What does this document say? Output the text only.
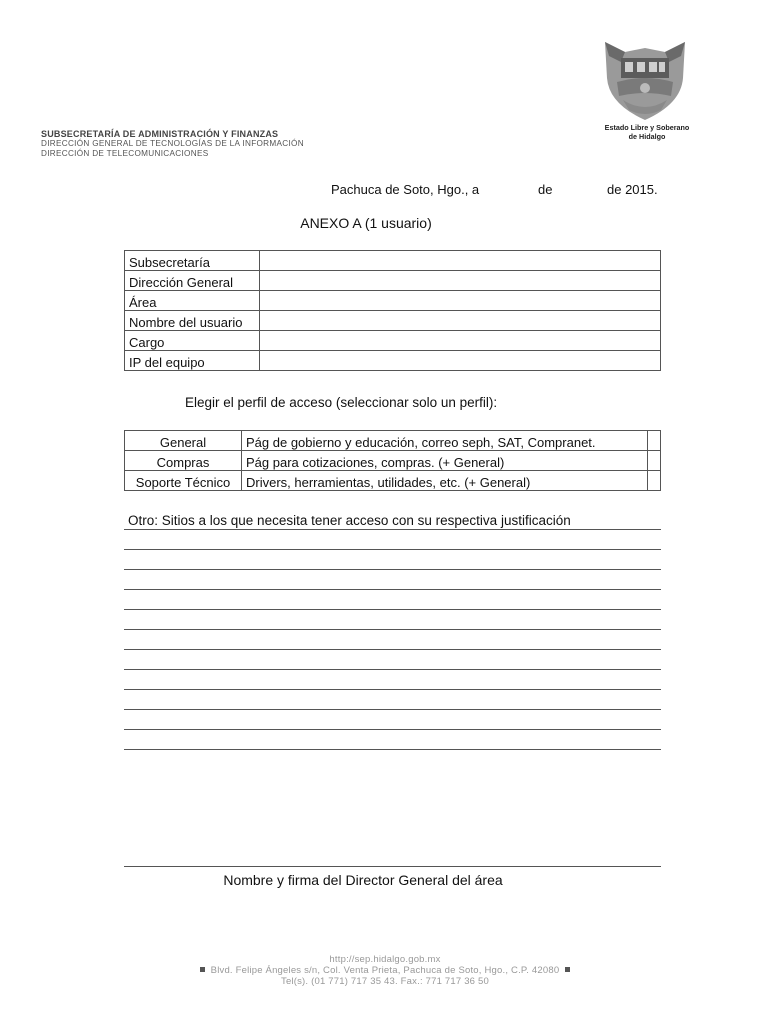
SUBSECRETARÍA DE ADMINISTRACIÓN Y FINANZAS
DIRECCIÓN GENERAL DE TECNOLOGÍAS DE LA INFORMACIÓN
DIRECCIÓN DE TELECOMUNICACIONES
Estado Libre y Soberano
de Hidalgo
Pachuca de Soto, Hgo., a	de	de 2015.
ANEXO A (1 usuario)
Subsecretaría	
Dirección General	
Área	
Nombre del usuario	
Cargo	
IP del equipo	
Elegir el perfil de acceso (seleccionar solo un perfil):
General	Pág de gobierno y educación, correo seph, SAT, Compranet.	
Compras	Pág para cotizaciones, compras. (+ General)	
Soporte Técnico	Drivers, herramientas, utilidades, etc. (+ General)	
Otro: Sitios a los que necesita tener acceso con su respectiva justificación
Nombre y firma del Director General del área
http://sep.hidalgo.gob.mx
Blvd. Felipe Ángeles s/n, Col. Venta Prieta, Pachuca de Soto, Hgo., C.P. 42080
Tel(s). (01 771) 717 35 43. Fax.: 771 717 36 50
